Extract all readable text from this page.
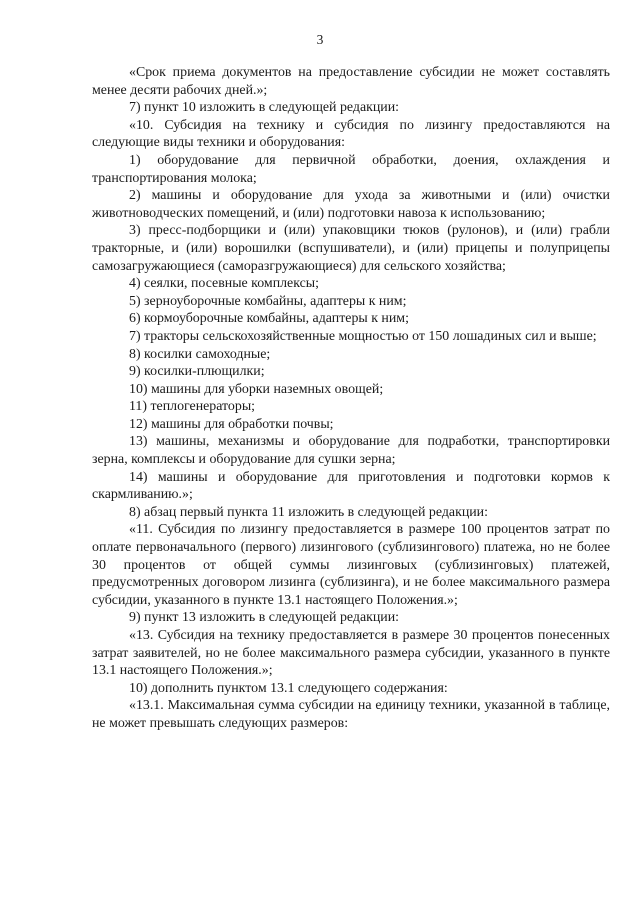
3

«Срок приема документов на предоставление субсидии не может составлять менее десяти рабочих дней.»;

7) пункт 10 изложить в следующей редакции:

«10. Субсидия на технику и субсидия по лизингу предоставляются на следующие виды техники и оборудования:

1) оборудование для первичной обработки, доения, охлаждения и транспортирования молока;

2) машины и оборудование для ухода за животными и (или) очистки животноводческих помещений, и (или) подготовки навоза к использованию;

3) пресс-подборщики и (или) упаковщики тюков (рулонов), и (или) грабли тракторные, и (или) ворошилки (вспушиватели), и (или) прицепы и полуприцепы самозагружающиеся (саморазгружающиеся) для сельского хозяйства;

4) сеялки, посевные комплексы;

5) зерноуборочные комбайны, адаптеры к ним;

6) кормоуборочные комбайны, адаптеры к ним;

7) тракторы сельскохозяйственные мощностью от 150 лошадиных сил и выше;

8) косилки самоходные;

9) косилки-плющилки;

10) машины для уборки наземных овощей;

11) теплогенераторы;

12) машины для обработки почвы;

13) машины, механизмы и оборудование для подработки, транспортировки зерна, комплексы и оборудование для сушки зерна;

14) машины и оборудование для приготовления и подготовки кормов к скармливанию.»;

8) абзац первый пункта 11 изложить в следующей редакции:

«11. Субсидия по лизингу предоставляется в размере 100 процентов затрат по оплате первоначального (первого) лизингового (сублизингового) платежа, но не более 30 процентов от общей суммы лизинговых (сублизинговых) платежей, предусмотренных договором лизинга (сублизинга), и не более максимального размера субсидии, указанного в пункте 13.1 настоящего Положения.»;

9) пункт 13 изложить в следующей редакции:

«13. Субсидия на технику предоставляется в размере 30 процентов понесенных затрат заявителей, но не более максимального размера субсидии, указанного в пункте 13.1 настоящего Положения.»;

10) дополнить пунктом 13.1 следующего содержания:

«13.1. Максимальная сумма субсидии на единицу техники, указанной в таблице, не может превышать следующих размеров:
